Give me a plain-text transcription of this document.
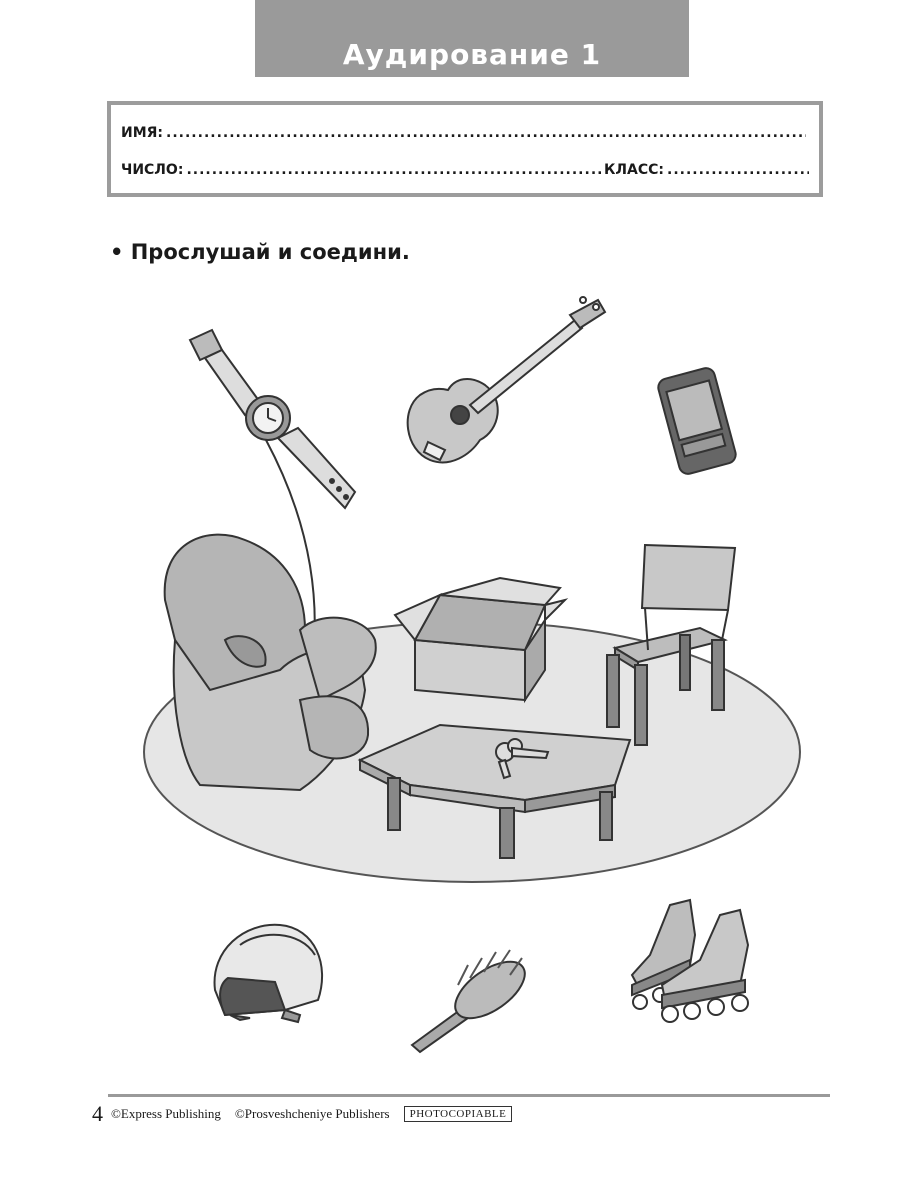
Аудирование 1
ИМЯ:
.....
ЧИСЛО:
.....	КЛАСС:
.....
• Прослушай и соедини.
4 ©Express Publishing ©Prosveshcheniye Publishers	PHOTOCOPIABLE
